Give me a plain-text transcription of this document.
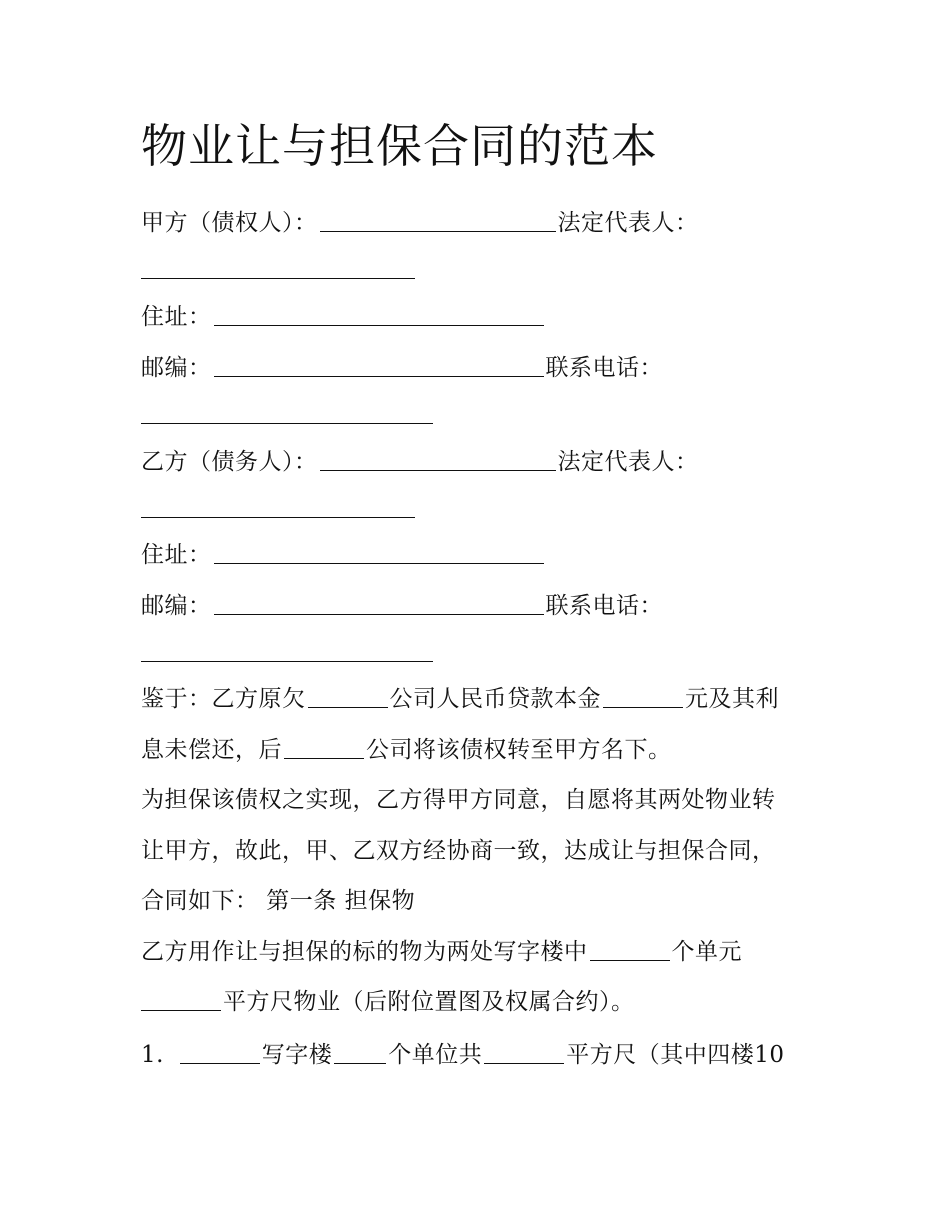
物业让与担保合同的范本
甲方（债权人）：	法定代表人：
住址：
邮编：	联系电话：
乙方（债务人）：	法定代表人：
住址：
邮编：	联系电话：
鉴于：乙方原欠	公司人民币贷款本金	元及其利
息未偿还，后	公司将该债权转至甲方名下。
为担保该债权之实现，乙方得甲方同意，自愿将其两处物业转
让甲方，故此，甲、乙双方经协商一致，达成让与担保合同，
合同如下： 第一条 担保物
乙方用作让与担保的标的物为两处写字楼中	个单元
平方尺物业（后附位置图及权属合约）。
1.	写字楼 个单位共	平方尺（其中四楼10
